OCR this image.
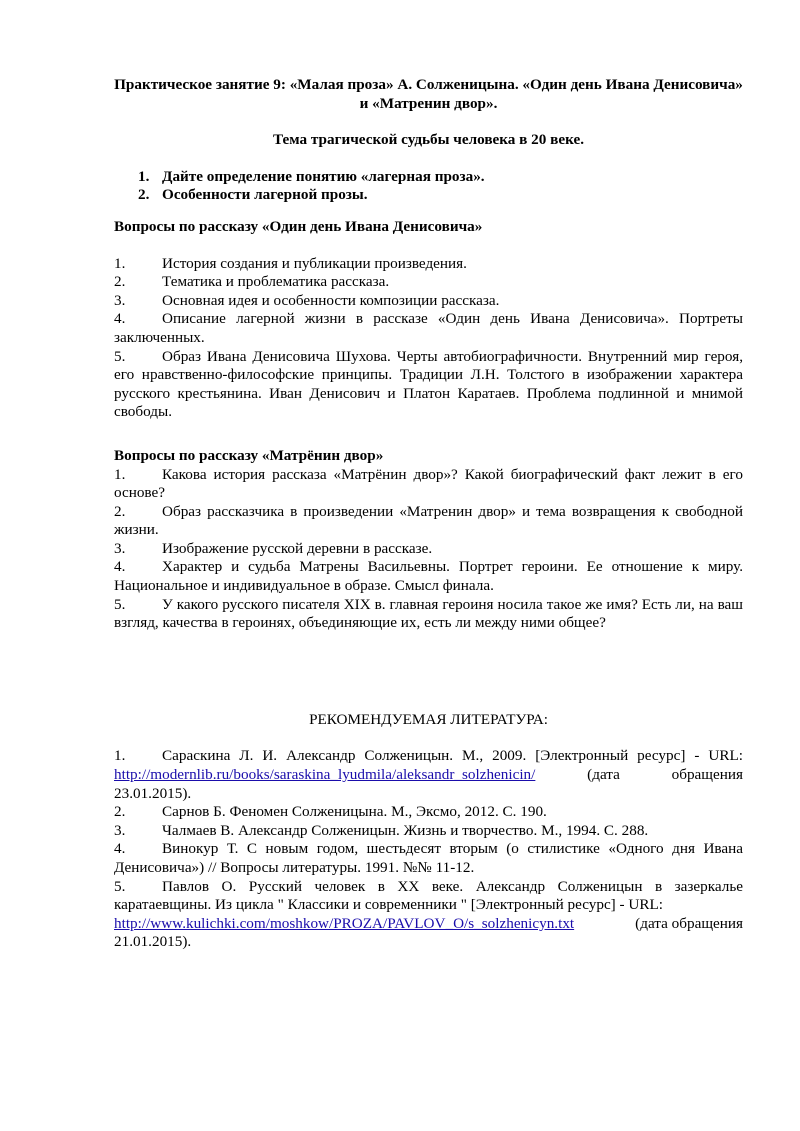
Практическое занятие 9: «Малая проза» А. Солженицына. «Один день Ивана Денисовича» и «Матренин двор».

Тема трагической судьбы человека в 20 веке.

1. Дайте определение понятию «лагерная проза».
2. Особенности лагерной прозы.

Вопросы по рассказу «Один день Ивана Денисовича»

1. История создания и публикации произведения.
2. Тематика и проблематика рассказа.
3. Основная идея и особенности композиции рассказа.
4. Описание лагерной жизни в рассказе «Один день Ивана Денисовича». Портреты заключенных.
5. Образ Ивана Денисовича Шухова. Черты автобиографичности. Внутренний мир героя, его нравственно-философские принципы. Традиции Л.Н. Толстого в изображении характера русского крестьянина. Иван Денисович и Платон Каратаев. Проблема подлинной и мнимой свободы.

Вопросы по рассказу «Матрёнин двор»

1. Какова история рассказа «Матрёнин двор»? Какой биографический факт лежит в его основе?
2. Образ рассказчика в произведении «Матренин двор» и тема возвращения к свободной жизни.
3. Изображение русской деревни в рассказе.
4. Характер и судьба Матрены Васильевны. Портрет героини. Ее отношение к миру. Национальное и индивидуальное в образе. Смысл финала.
5. У какого русского писателя XIX в. главная героиня носила такое же имя? Есть ли, на ваш взгляд, качества в героинях, объединяющие их, есть ли между ними общее?

РЕКОМЕНДУЕМАЯ ЛИТЕРАТУРА:

1. Сараскина Л. И. Александр Солженицын. М., 2009. [Электронный ресурс] - URL:
http://modernlib.ru/books/saraskina_lyudmila/aleksandr_solzhenicin/	(дата	обращения
23.01.2015).
2. Сарнов Б. Феномен Солженицына. М., Эксмо, 2012. С. 190.
3. Чалмаев В. Александр Солженицын. Жизнь и творчество. М., 1994. С. 288.
4. Винокур Т. С новым годом, шестьдесят вторым (о стилистике «Одного дня Ивана Денисовича») // Вопросы литературы. 1991. №№ 11-12.
5. Павлов О. Русский человек в ХХ веке. Александр Солженицын в зазеркалье каратаевщины. Из цикла " Классики и современники " [Электронный ресурс] - URL:
http://www.kulichki.com/moshkow/PROZA/PAVLOV_O/s_solzhenicyn.txt	(дата обращения
21.01.2015).
